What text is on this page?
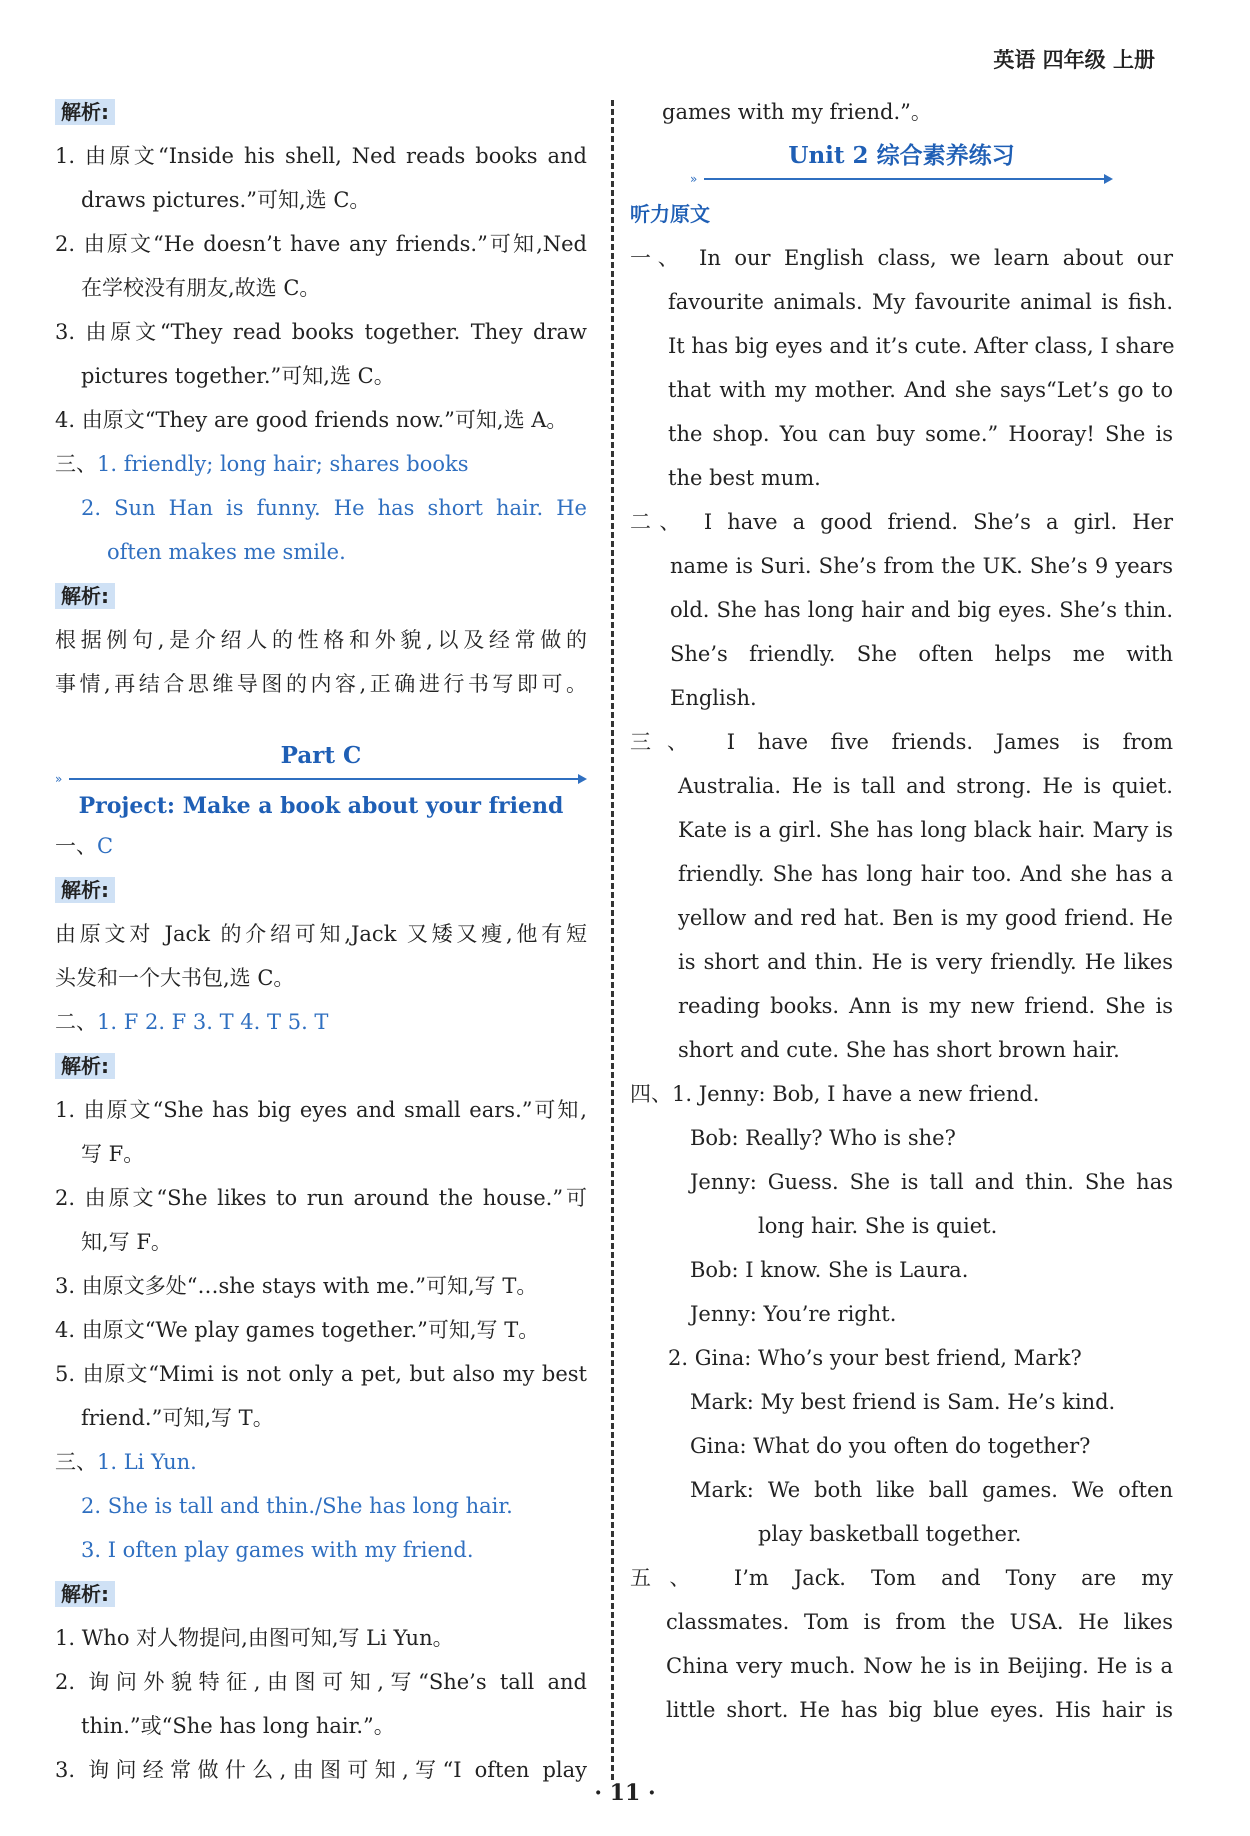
英语 四年级 上册
解析:
1. 由原文“Inside his shell, Ned reads books and
draws pictures.”可知,选 C。
2. 由原文“He doesn’t have any friends.”可知,Ned
在学校没有朋友,故选 C。
3. 由原文“They read books together. They draw
pictures together.”可知,选 C。
4. 由原文“They are good friends now.”可知,选 A。
三、1. friendly; long hair; shares books
2. Sun Han is funny. He has short hair. He
often makes me smile.
解析:
根据例句,是介绍人的性格和外貌,以及经常做的
事情,再结合思维导图的内容,正确进行书写即可。
Part C
»
Project: Make a book about your friend
一、C
解析:
由原文对 Jack 的介绍可知,Jack 又矮又瘦,他有短
头发和一个大书包,选 C。
二、1. F 2. F 3. T 4. T 5. T
解析:
1. 由原文“She has big eyes and small ears.”可知,
写 F。
2. 由原文“She likes to run around the house.”可
知,写 F。
3. 由原文多处“…she stays with me.”可知,写 T。
4. 由原文“We play games together.”可知,写 T。
5. 由原文“Mimi is not only a pet, but also my best
friend.”可知,写 T。
三、1. Li Yun.
2. She is tall and thin./She has long hair.
3. I often play games with my friend.
解析:
1. Who 对人物提问,由图可知,写 Li Yun。
2. 询问外貌特征,由图可知,写“She’s tall and
thin.”或“She has long hair.”。
3. 询问经常做什么,由图可知,写“I often play
games with my friend.”。
Unit 2 综合素养练习
»
听力原文
一、 In our English class, we learn about our
favourite animals. My favourite animal is fish.
It has big eyes and it’s cute. After class, I share
that with my mother. And she says“Let’s go to
the shop. You can buy some.” Hooray! She is
the best mum.
二、 I have a good friend. She’s a girl. Her
name is Suri. She’s from the UK. She’s 9 years
old. She has long hair and big eyes. She’s thin.
She’s friendly. She often helps me with
English.
三、 I have five friends. James is from
Australia. He is tall and strong. He is quiet.
Kate is a girl. She has long black hair. Mary is
friendly. She has long hair too. And she has a
yellow and red hat. Ben is my good friend. He
is short and thin. He is very friendly. He likes
reading books. Ann is my new friend. She is
short and cute. She has short brown hair.
四、1. Jenny: Bob, I have a new friend.
Bob: Really? Who is she?
Jenny: Guess. She is tall and thin. She has
long hair. She is quiet.
Bob: I know. She is Laura.
Jenny: You’re right.
2. Gina: Who’s your best friend, Mark?
Mark: My best friend is Sam. He’s kind.
Gina: What do you often do together?
Mark: We both like ball games. We often
play basketball together.
五、 I’m Jack. Tom and Tony are my
classmates. Tom is from the USA. He likes
China very much. Now he is in Beijing. He is a
little short. He has big blue eyes. His hair is
· 11 ·
